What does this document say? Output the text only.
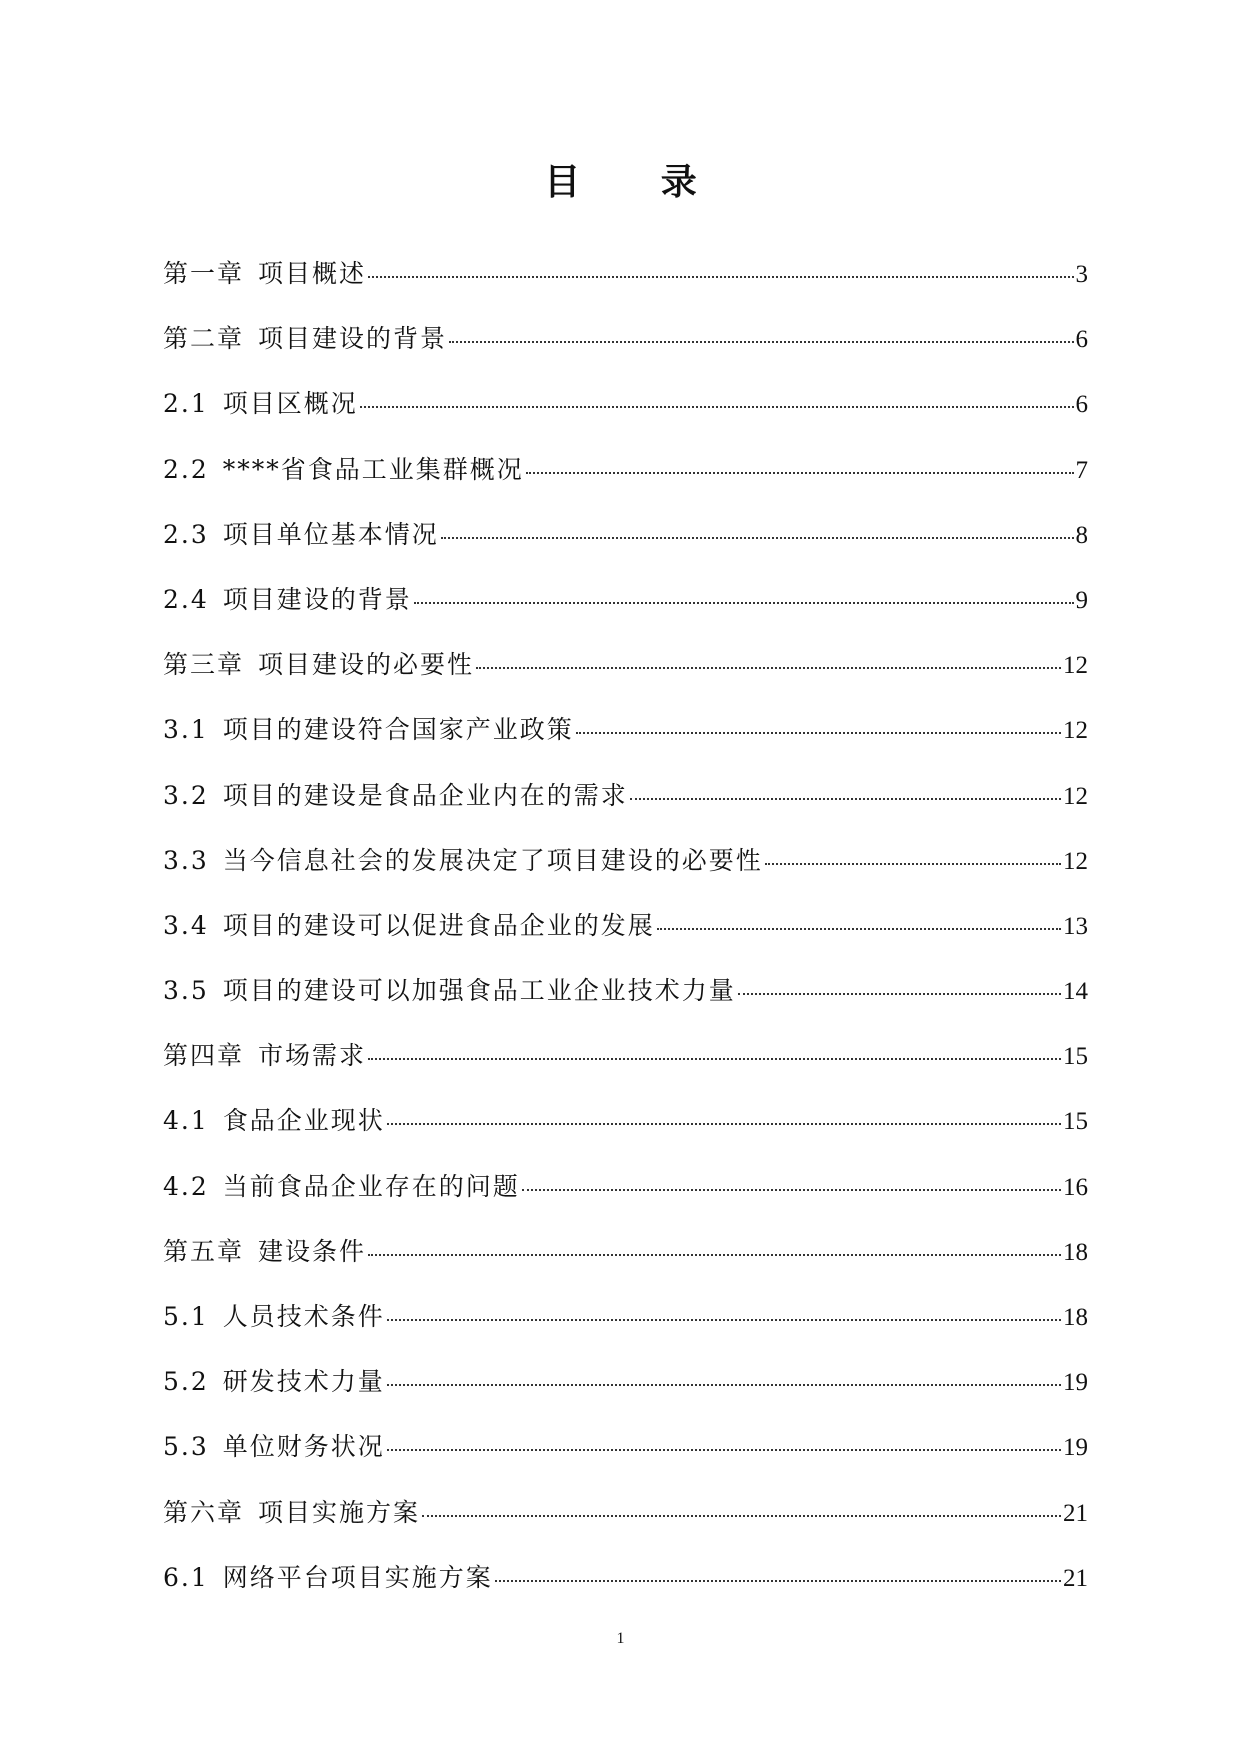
目 录
第一章 项目概述	3
第二章 项目建设的背景	6
2.1 项目区概况	6
2.2 ****省食品工业集群概况	7
2.3 项目单位基本情况	8
2.4 项目建设的背景	9
第三章 项目建设的必要性	12
3.1 项目的建设符合国家产业政策	12
3.2 项目的建设是食品企业内在的需求	12
3.3 当今信息社会的发展决定了项目建设的必要性	12
3.4 项目的建设可以促进食品企业的发展	13
3.5 项目的建设可以加强食品工业企业技术力量	14
第四章 市场需求	15
4.1 食品企业现状	15
4.2 当前食品企业存在的问题	16
第五章 建设条件	18
5.1 人员技术条件	18
5.2 研发技术力量	19
5.3 单位财务状况	19
第六章 项目实施方案	21
6.1 网络平台项目实施方案	21
1
